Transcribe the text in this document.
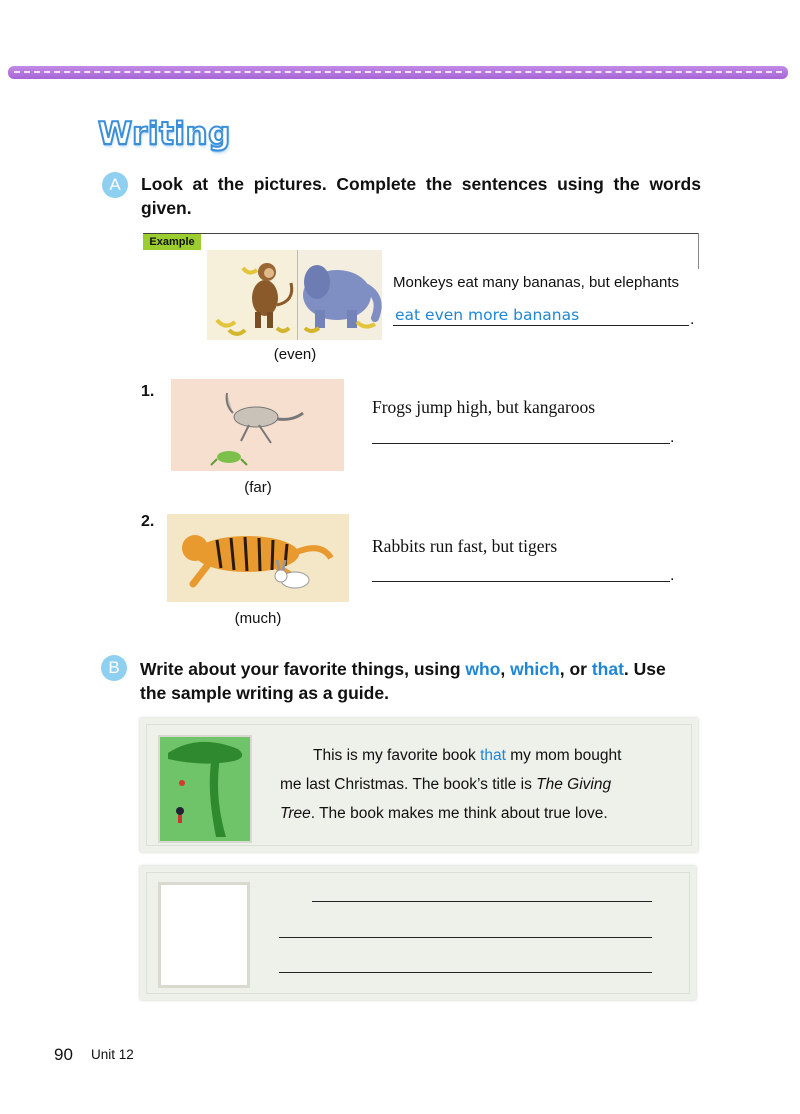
Writing
A	Look at the pictures. Complete the sentences using the words given.
Example
Monkeys eat many bananas, but elephants
eat even more bananas	.
(even)
1.
Frogs jump high, but kangaroos
.
(far)
2.
Rabbits run fast, but tigers
.
(much)
B	Write about your favorite things, using who, which, or that. Use
the sample writing as a guide.
This is my favorite book that my mom bought
me last Christmas. The book’s title is The Giving
Tree. The book makes me think about true love.
90 Unit 12
